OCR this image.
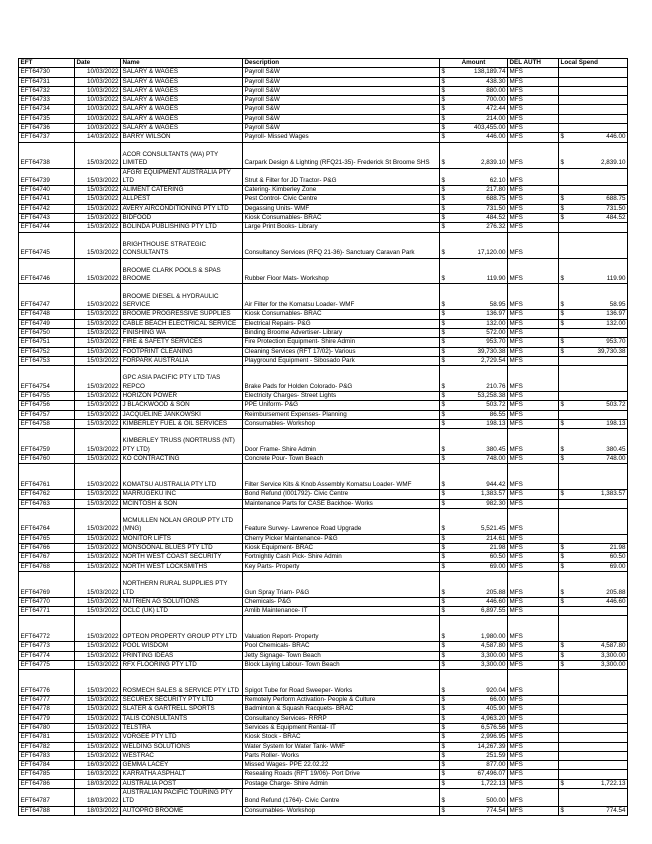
EFT	Date	Name	Description	Amount		DEL AUTH	Local Spend	
EFT64730	10/03/2022	SALARY & WAGES	Payroll S&W	$	138,189.74	MFS		
EFT64731	10/03/2022	SALARY & WAGES	Payroll S&W	$	438.30	MFS		
EFT64732	10/03/2022	SALARY & WAGES	Payroll S&W	$	880.00	MFS		
EFT64733	10/03/2022	SALARY & WAGES	Payroll S&W	$	700.00	MFS		
EFT64734	10/03/2022	SALARY & WAGES	Payroll S&W	$	472.44	MFS		
EFT64735	10/03/2022	SALARY & WAGES	Payroll S&W	$	214.00	MFS		
EFT64736	10/03/2022	SALARY & WAGES	Payroll S&W	$	403,455.00	MFS		
EFT64737	14/03/2022	BARRY WILSON	Payroll- Missed Wages	$	446.00	MFS	$	446.00
EFT64738	15/03/2022	ACOR CONSULTANTS (WA) PTY LIMITED	Carpark Design & Lighting (RFQ21-35)- Frederick St Broome SHS	$	2,839.10	MFS	$	2,839.10
EFT64739	15/03/2022	AFGRI EQUIPMENT AUSTRALIA PTY LTD	Strut & Filter for JD Tractor- P&G	$	62.10	MFS		
EFT64740	15/03/2022	ALIMENT CATERING	Catering- Kimberley Zone	$	217.80	MFS		
EFT64741	15/03/2022	ALLPEST	Pest Control- Civic Centre	$	688.75	MFS	$	688.75
EFT64742	15/03/2022	AVERY AIRCONDITIONING PTY LTD	Degassing Units- WMF	$	731.50	MFS	$	731.50
EFT64743	15/03/2022	BIDFOOD	Kiosk Consumables- BRAC	$	484.52	MFS	$	484.52
EFT64744	15/03/2022	BOLINDA PUBLISHING PTY LTD	Large Print Books- Library	$	276.32	MFS		
EFT64745	15/03/2022	BRIGHTHOUSE STRATEGIC CONSULTANTS	Consultancy Services (RFQ 21-36)- Sanctuary Caravan Park	$	17,120.00	MFS		
EFT64746	15/03/2022	BROOME CLARK POOLS & SPAS BROOME	Rubber Floor Mats- Workshop	$	119.90	MFS	$	119.90
EFT64747	15/03/2022	BROOME DIESEL & HYDRAULIC SERVICE	Air Filter for the Komatsu Loader- WMF	$	58.95	MFS	$	58.95
EFT64748	15/03/2022	BROOME PROGRESSIVE SUPPLIES	Kiosk Consumables- BRAC	$	136.97	MFS	$	136.97
EFT64749	15/03/2022	CABLE BEACH ELECTRICAL SERVICE	Electrical Repairs- P&G	$	132.00	MFS	$	132.00
EFT64750	15/03/2022	FINISHING WA	Binding Broome Advertiser- Library	$	572.00	MFS		
EFT64751	15/03/2022	FIRE & SAFETY SERVICES	Fire Protection Equipment- Shire Admin	$	953.70	MFS	$	953.70
EFT64752	15/03/2022	FOOTPRINT CLEANING	Cleaning Services (RFT 17/02)- Various	$	39,730.38	MFS	$	39,730.38
EFT64753	15/03/2022	FORPARK AUSTRALIA	Playground Equipment - Sibosado Park	$	2,729.54	MFS		
EFT64754	15/03/2022	GPC ASIA PACIFIC PTY LTD T/AS REPCO	Brake Pads for Holden Colorado- P&G	$	210.76	MFS		
EFT64755	15/03/2022	HORIZON POWER	Electricity Charges- Street Lights	$	53,258.38	MFS		
EFT64756	15/03/2022	J BLACKWOOD & SON	PPE Uniform- P&G	$	503.72	MFS	$	503.72
EFT64757	15/03/2022	JACQUELINE JANKOWSKI	Reimbursement Expenses- Planning	$	86.55	MFS		
EFT64758	15/03/2022	KIMBERLEY FUEL & OIL SERVICES	Consumables- Workshop	$	198.13	MFS	$	198.13
EFT64759	15/03/2022	KIMBERLEY TRUSS (NORTRUSS (NT) PTY LTD)	Door Frame- Shire Admin	$	380.45	MFS	$	380.45
EFT64760	15/03/2022	KO CONTRACTING	Concrete Pour- Town Beach	$	748.00	MFS	$	748.00
EFT64761	15/03/2022	KOMATSU AUSTRALIA PTY LTD	Filter Service Kits & Knob Assembly Komatsu Loader- WMF	$	944.42	MFS		
EFT64762	15/03/2022	MARRUGEKU INC	Bond Refund (I001792)- Civic Centre	$	1,383.57	MFS	$	1,383.57
EFT64763	15/03/2022	MCINTOSH & SON	Maintenance Parts for CASE Backhoe- Works	$	982.30	MFS		
EFT64764	15/03/2022	MCMULLEN NOLAN GROUP PTY LTD (MNG)	Feature Survey- Lawrence Road Upgrade	$	5,521.45	MFS		
EFT64765	15/03/2022	MONITOR LIFTS	Cherry Picker Maintenance- P&G	$	214.61	MFS		
EFT64766	15/03/2022	MONSOONAL BLUES PTY LTD	Kiosk Equipment- BRAC	$	21.98	MFS	$	21.98
EFT64767	15/03/2022	NORTH WEST COAST SECURITY	Fortnightly Cash Pick- Shire Admin	$	60.50	MFS	$	60.50
EFT64768	15/03/2022	NORTH WEST LOCKSMITHS	Key Parts- Property	$	69.00	MFS	$	69.00
EFT64769	15/03/2022	NORTHERN RURAL SUPPLIES PTY LTD	Gun Spray Triam- P&G	$	205.88	MFS	$	205.88
EFT64770	15/03/2022	NUTRIEN AG SOLUTIONS	Chemicals- P&G	$	446.60	MFS	$	446.60
EFT64771	15/03/2022	OCLC (UK) LTD	Amlib Maintenance- IT	$	6,897.55	MFS		
EFT64772	15/03/2022	OPTEON PROPERTY GROUP PTY LTD	Valuation Report- Property	$	1,980.00	MFS		
EFT64773	15/03/2022	POOL WISDOM	Pool Chemicals- BRAC	$	4,587.80	MFS	$	4,587.80
EFT64774	15/03/2022	PRINTING IDEAS	Jetty Signage- Town Beach	$	3,300.00	MFS	$	3,300.00
EFT64775	15/03/2022	RFX FLOORING PTY LTD	Block Laying Labour- Town Beach	$	3,300.00	MFS	$	3,300.00
EFT64776	15/03/2022	ROSMECH SALES & SERVICE PTY LTD	Spigot Tube for Road Sweeper- Works	$	920.04	MFS		
EFT64777	15/03/2022	SECUREX SECURITY PTY LTD	Remotely Perform Activation- People & Culture	$	66.00	MFS		
EFT64778	15/03/2022	SLATER & GARTRELL SPORTS	Badminton & Squash Racquets- BRAC	$	405.90	MFS		
EFT64779	15/03/2022	TALIS CONSULTANTS	Consultancy Services- RRRP	$	4,963.20	MFS		
EFT64780	15/03/2022	TELSTRA	Services & Equipment Rental- IT	$	6,576.56	MFS		
EFT64781	15/03/2022	VORGEE PTY LTD	Kiosk Stock - BRAC	$	2,996.95	MFS		
EFT64782	15/03/2022	WELDING SOLUTIONS	Water System for Water Tank- WMF	$	14,267.39	MFS		
EFT64783	15/03/2022	WESTRAC	Parts Roller- Works	$	251.59	MFS		
EFT64784	16/03/2022	GEMMA LACEY	Missed Wages- PPE 22.02.22	$	877.00	MFS		
EFT64785	16/03/2022	KARRATHA ASPHALT	Resealing Roads (RFT 19/06)- Port Drive	$	67,496.07	MFS		
EFT64786	18/03/2022	AUSTRALIA POST	Postage Charge- Shire Admin	$	1,722.13	MFS	$	1,722.13
EFT64787	18/03/2022	AUSTRALIAN PACIFIC TOURING PTY LTD	Bond Refund (1764)- Civic Centre	$	500.00	MFS		
EFT64788	18/03/2022	AUTOPRO BROOME	Consumables- Workshop	$	774.54	MFS	$	774.54
